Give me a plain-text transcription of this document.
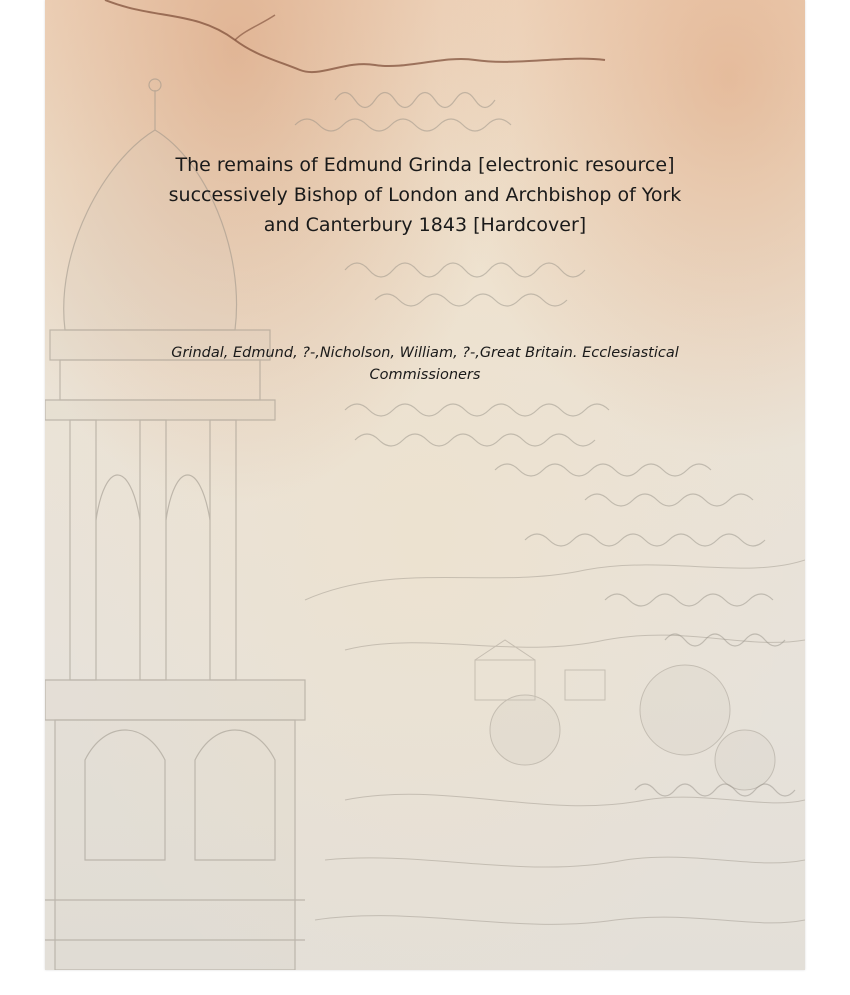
The remains of Edmund Grinda [electronic resource]
successively Bishop of London and Archbishop of York
and Canterbury 1843 [Hardcover]
Grindal, Edmund, ?-,Nicholson, William, ?-,Great Britain. Ecclesiastical
Commissioners
